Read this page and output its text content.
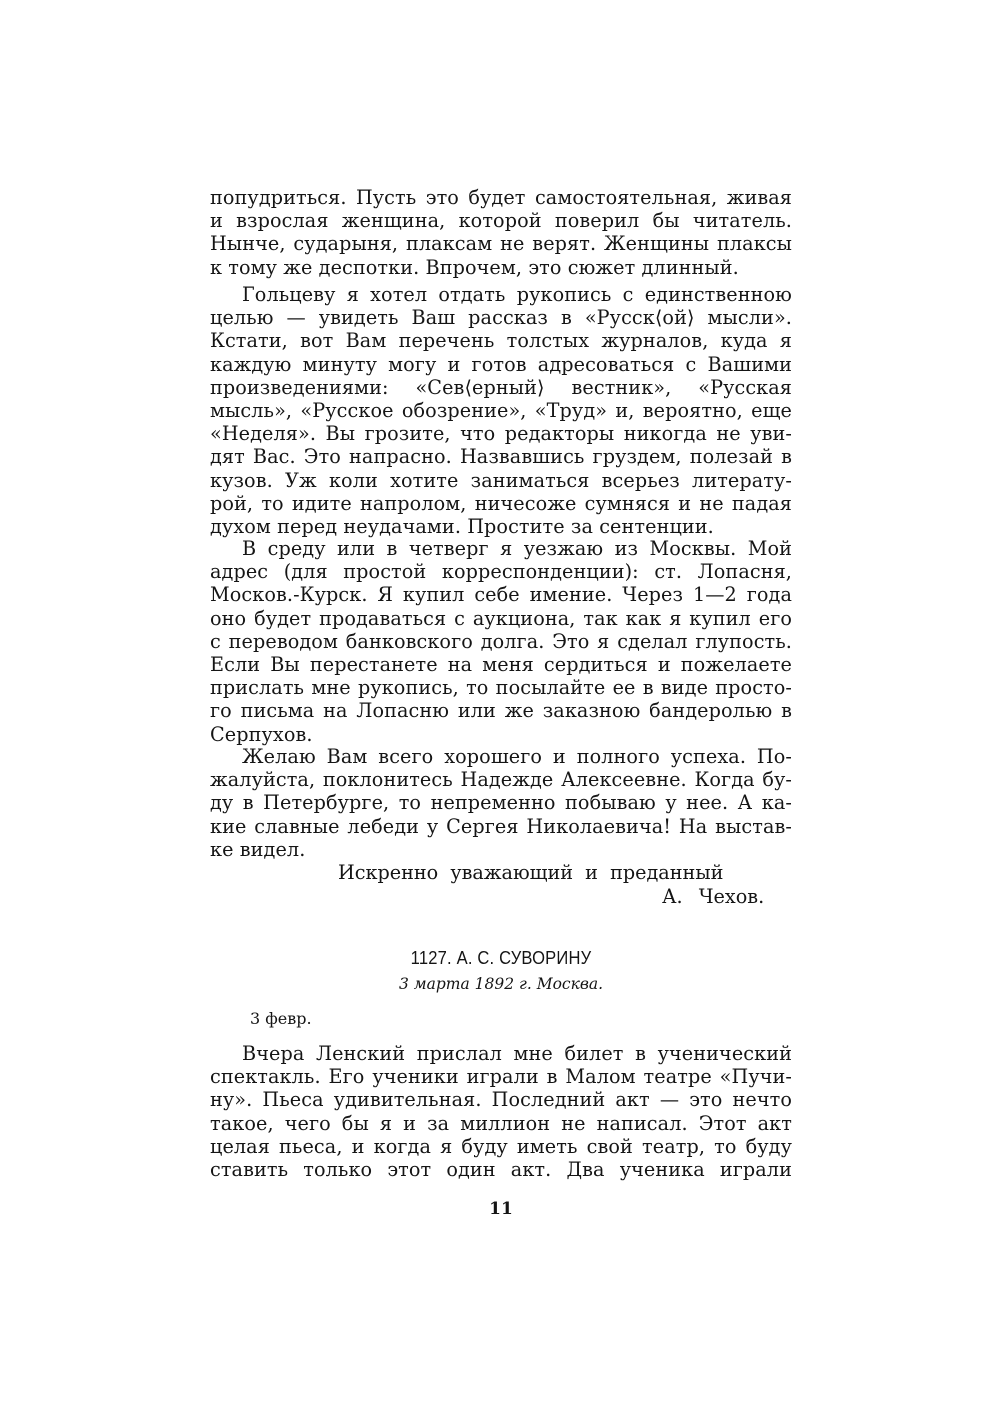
попудриться. Пусть это будет самостоятельная, живая
и взрослая женщина, которой поверил бы читатель.
Нынче, сударыня, плаксам не верят. Женщины плаксы
к тому же деспотки. Впрочем, это сюжет длинный.
Гольцеву я хотел отдать рукопись с единственною
целью — увидеть Ваш рассказ в «Русск⟨ой⟩ мысли».
Кстати, вот Вам перечень толстых журналов, куда я
каждую минуту могу и готов адресоваться с Вашими
произведениями: «Сев⟨ерный⟩ вестник», «Русская
мысль», «Русское обозрение», «Труд» и, вероятно, еще
«Неделя». Вы грозите, что редакторы никогда не уви-
дят Вас. Это напрасно. Назвавшись груздем, полезай в
кузов. Уж коли хотите заниматься всерьез литерату-
рой, то идите напролом, ничесоже сумняся и не падая
духом перед неудачами. Простите за сентенции.
В среду или в четверг я уезжаю из Москвы. Мой
адрес (для простой корреспонденции): ст. Лопасня,
Москов.-Курск. Я купил себе имение. Через 1—2 года
оно будет продаваться с аукциона, так как я купил его
с переводом банковского долга. Это я сделал глупость.
Если Вы перестанете на меня сердиться и пожелаете
прислать мне рукопись, то посылайте ее в виде просто-
го письма на Лопасню или же заказною бандеролью в
Серпухов.
Желаю Вам всего хорошего и полного успеха. По-
жалуйста, поклонитесь Надежде Алексеевне. Когда бу-
ду в Петербурге, то непременно побываю у нее. А ка-
кие славные лебеди у Сергея Николаевича! На выстав-
ке видел.
Искренно уважающий и преданный
А. Чехов.
1127. А. С. СУВОРИНУ
3 марта 1892 г. Москва.
3 февр.
Вчера Ленский прислал мне билет в ученический
спектакль. Его ученики играли в Малом театре «Пучи-
ну». Пьеса удивительная. Последний акт — это нечто
такое, чего бы я и за миллион не написал. Этот акт
целая пьеса, и когда я буду иметь свой театр, то буду
ставить только этот один акт. Два ученика играли
11
